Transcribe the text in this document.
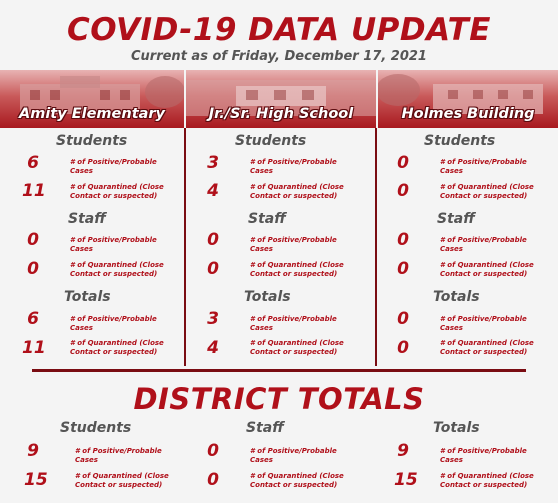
COVID-19 DATA UPDATE
Current as of Friday, December 17, 2021
Amity Elementary	Jr./Sr. High School	Holmes Building
Students
6	# of Positive/Probable Cases
11	# of Quarantined (Close Contact or suspected)
Staff
0	# of Positive/Probable Cases
0	# of Quarantined (Close Contact or suspected)
Totals
6	# of Positive/Probable Cases
11	# of Quarantined (Close Contact or suspected)
Students
3	# of Positive/Probable Cases
4	# of Quarantined (Close Contact or suspected)
Staff
0	# of Positive/Probable Cases
0	# of Quarantined (Close Contact or suspected)
Totals
3	# of Positive/Probable Cases
4	# of Quarantined (Close Contact or suspected)
Students
0	# of Positive/Probable Cases
0	# of Quarantined (Close Contact or suspected)
Staff
0	# of Positive/Probable Cases
0	# of Quarantined (Close Contact or suspected)
Totals
0	# of Positive/Probable Cases
0	# of Quarantined (Close Contact or suspected)
DISTRICT TOTALS
Students
9	# of Positive/Probable Cases
15	# of Quarantined (Close Contact or suspected)
Staff
0	# of Positive/Probable Cases
0	# of Quarantined (Close Contact or suspected)
Totals
9	# of Positive/Probable Cases
15	# of Quarantined (Close Contact or suspected)
